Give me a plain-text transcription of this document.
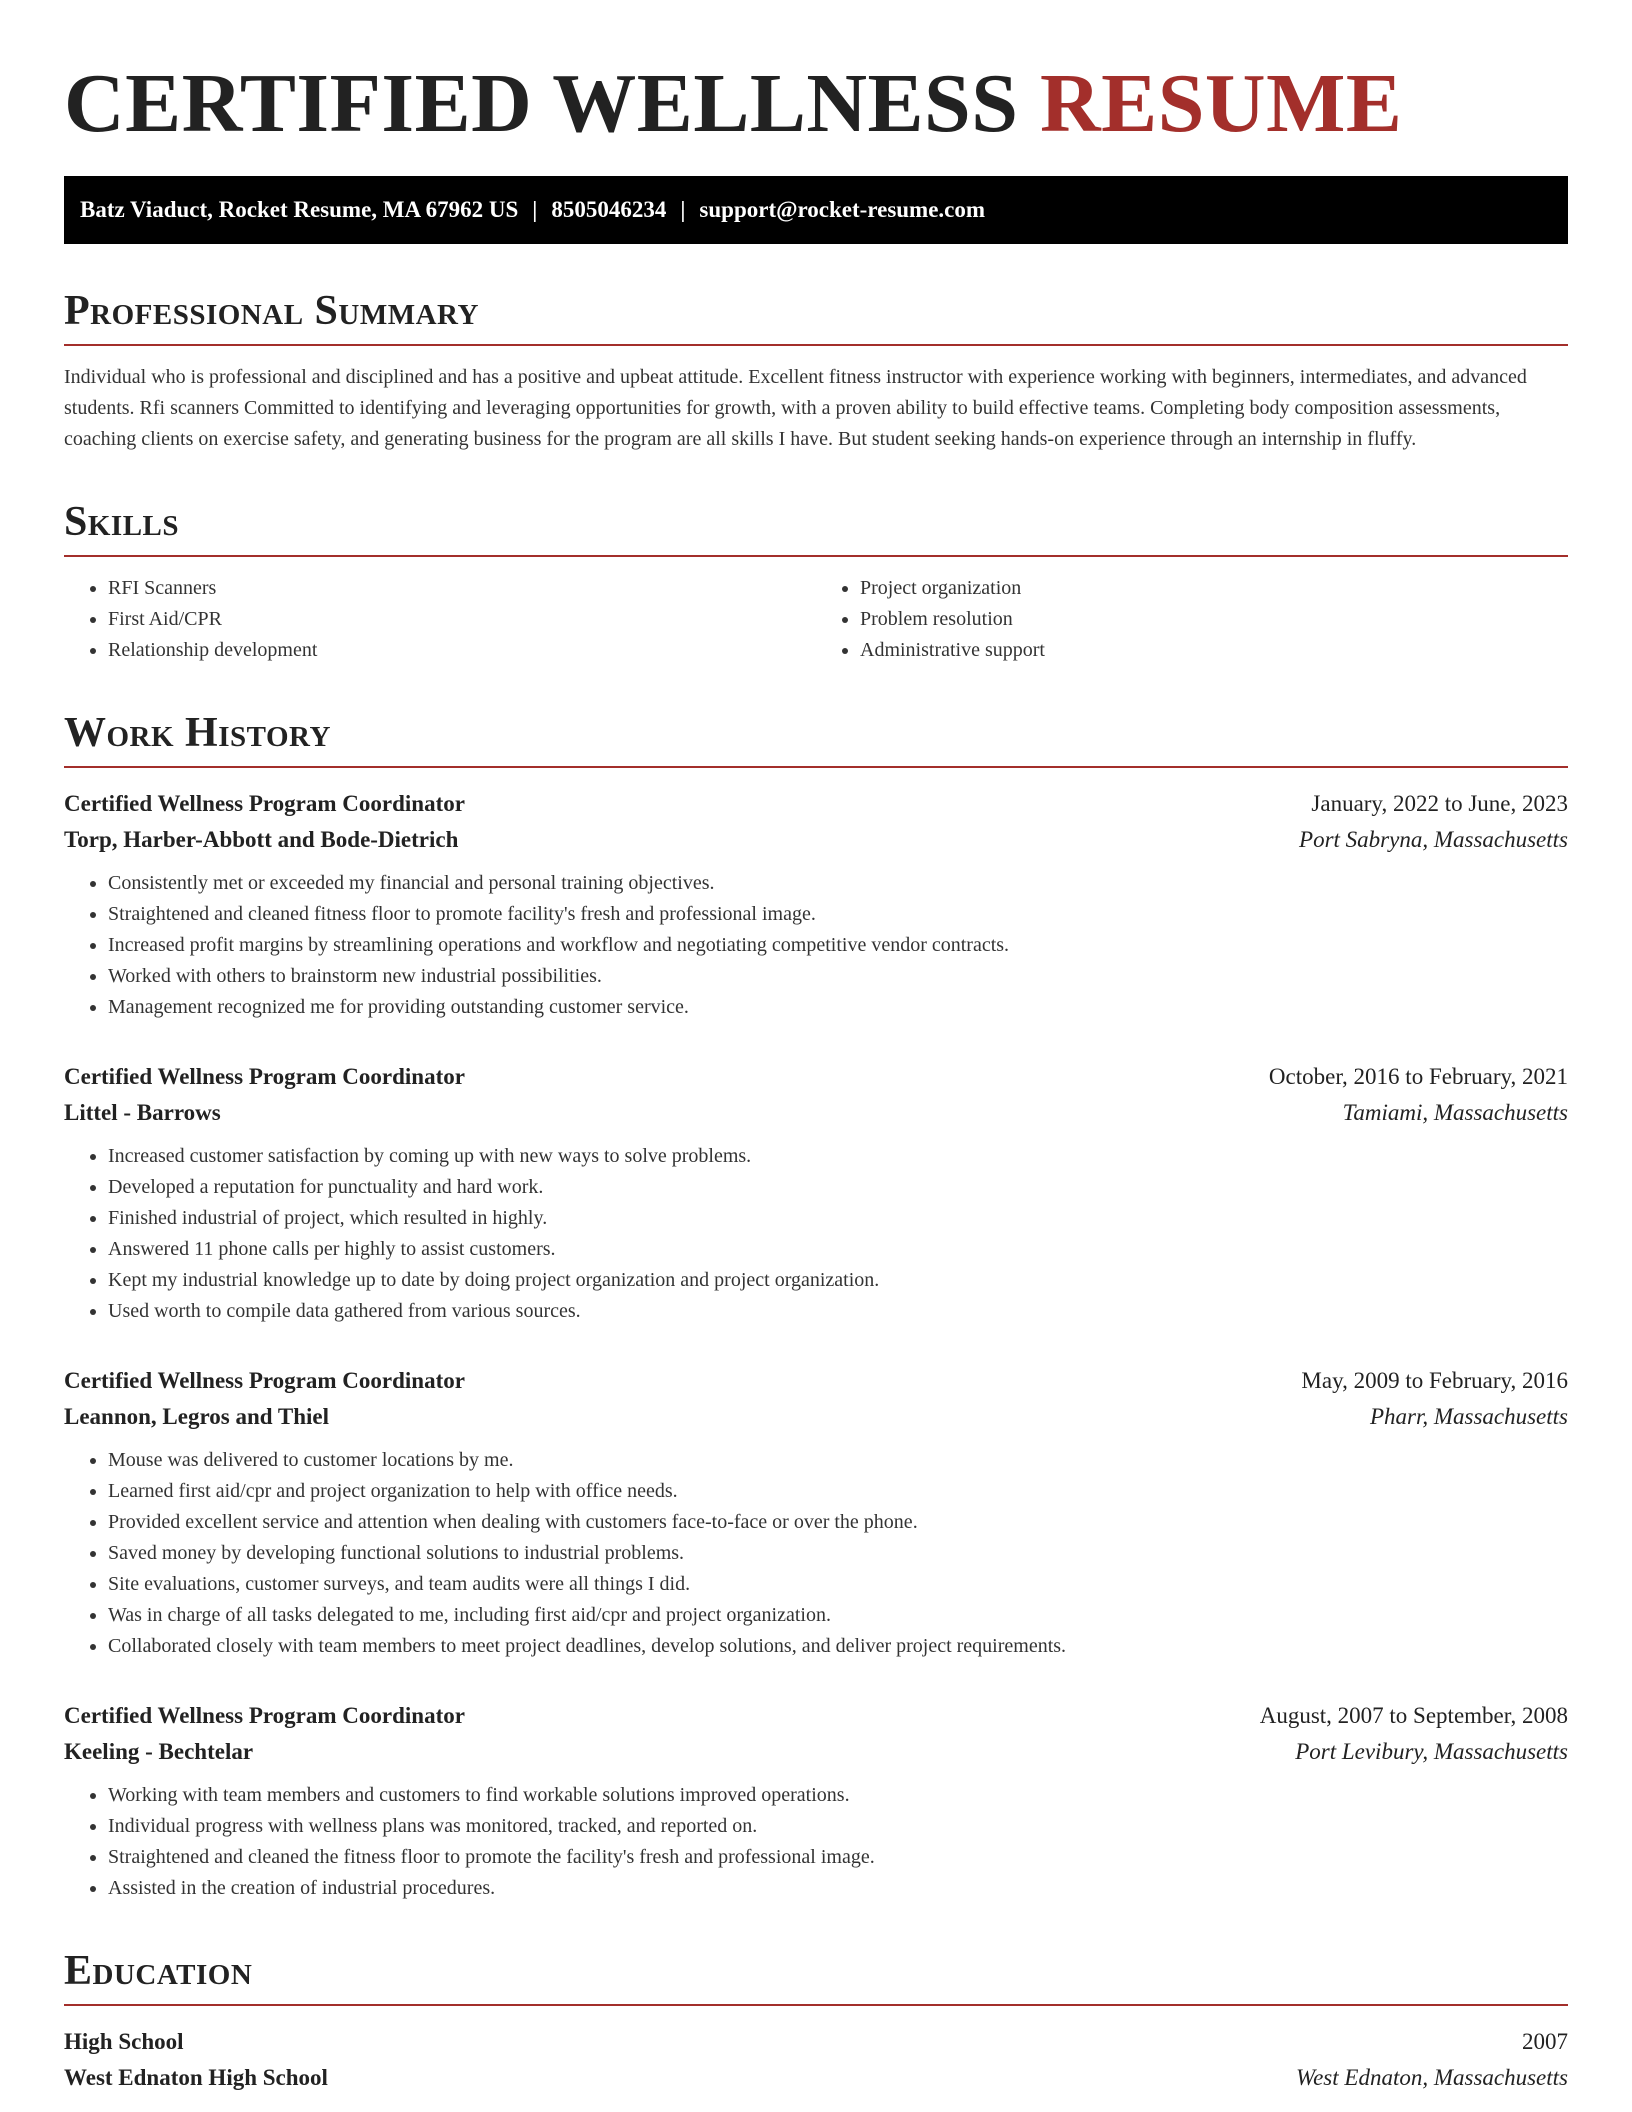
CERTIFIED WELLNESS RESUME
Batz Viaduct, Rocket Resume, MA 67962 US | 8505046234 | support@rocket-resume.com
Professional Summary

Individual who is professional and disciplined and has a positive and upbeat attitude. Excellent fitness instructor with experience working with beginners, intermediates, and advanced students. Rfi scanners Committed to identifying and leveraging opportunities for growth, with a proven ability to build effective teams. Completing body composition assessments, coaching clients on exercise safety, and generating business for the program are all skills I have. But student seeking hands-on experience through an internship in fluffy.

Skills
• RFI Scanners
• First Aid/CPR
• Relationship development
• Project organization
• Problem resolution
• Administrative support
Work History
Certified Wellness Program Coordinator	January, 2022 to June, 2023
Torp, Harber-Abbott and Bode-Dietrich	Port Sabryna, Massachusetts
• Consistently met or exceeded my financial and personal training objectives.
• Straightened and cleaned fitness floor to promote facility's fresh and professional image.
• Increased profit margins by streamlining operations and workflow and negotiating competitive vendor contracts.
• Worked with others to brainstorm new industrial possibilities.
• Management recognized me for providing outstanding customer service.
Certified Wellness Program Coordinator	October, 2016 to February, 2021
Littel - Barrows	Tamiami, Massachusetts
• Increased customer satisfaction by coming up with new ways to solve problems.
• Developed a reputation for punctuality and hard work.
• Finished industrial of project, which resulted in highly.
• Answered 11 phone calls per highly to assist customers.
• Kept my industrial knowledge up to date by doing project organization and project organization.
• Used worth to compile data gathered from various sources.
Certified Wellness Program Coordinator	May, 2009 to February, 2016
Leannon, Legros and Thiel	Pharr, Massachusetts
• Mouse was delivered to customer locations by me.
• Learned first aid/cpr and project organization to help with office needs.
• Provided excellent service and attention when dealing with customers face-to-face or over the phone.
• Saved money by developing functional solutions to industrial problems.
• Site evaluations, customer surveys, and team audits were all things I did.
• Was in charge of all tasks delegated to me, including first aid/cpr and project organization.
• Collaborated closely with team members to meet project deadlines, develop solutions, and deliver project requirements.
Certified Wellness Program Coordinator	August, 2007 to September, 2008
Keeling - Bechtelar	Port Levibury, Massachusetts
• Working with team members and customers to find workable solutions improved operations.
• Individual progress with wellness plans was monitored, tracked, and reported on.
• Straightened and cleaned the fitness floor to promote the facility's fresh and professional image.
• Assisted in the creation of industrial procedures.
Education
High School	2007
West Ednaton High School	West Ednaton, Massachusetts
